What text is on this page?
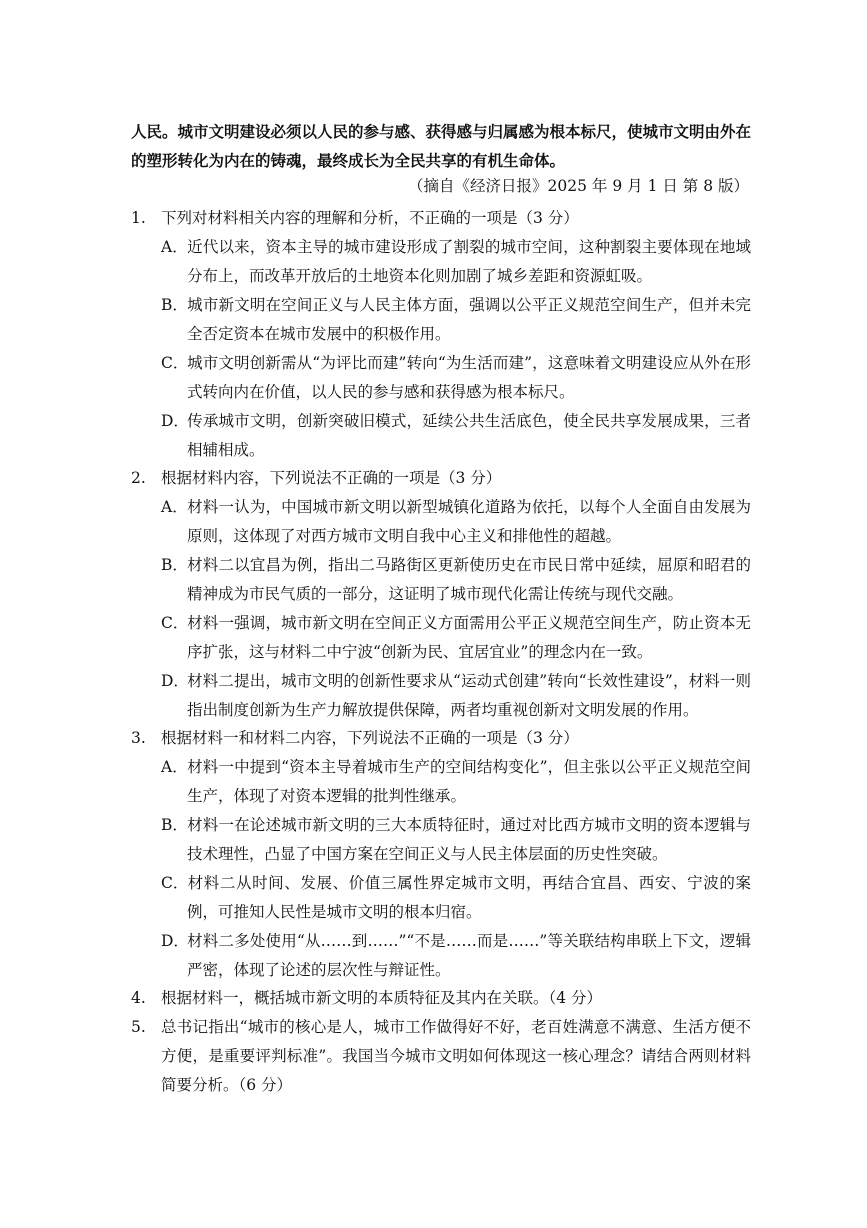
人民。城市文明建设必须以人民的参与感、获得感与归属感为根本标尺，使城市文明由外在的塑形转化为内在的铸魂，最终成长为全民共享的有机生命体。

（摘自《经济日报》2025 年 9 月 1 日 第 8 版）
1. 下列对材料相关内容的理解和分析，不正确的一项是（3 分）
A．近代以来，资本主导的城市建设形成了割裂的城市空间，这种割裂主要体现在地域分布上，而改革开放后的土地资本化则加剧了城乡差距和资源虹吸。
B．城市新文明在空间正义与人民主体方面，强调以公平正义规范空间生产，但并未完全否定资本在城市发展中的积极作用。
C．城市文明创新需从“为评比而建”转向“为生活而建”，这意味着文明建设应从外在形式转向内在价值，以人民的参与感和获得感为根本标尺。
D．传承城市文明，创新突破旧模式，延续公共生活底色，使全民共享发展成果，三者相辅相成。
2. 根据材料内容，下列说法不正确的一项是（3 分）
A．材料一认为，中国城市新文明以新型城镇化道路为依托，以每个人全面自由发展为原则，这体现了对西方城市文明自我中心主义和排他性的超越。
B．材料二以宜昌为例，指出二马路街区更新使历史在市民日常中延续，屈原和昭君的精神成为市民气质的一部分，这证明了城市现代化需让传统与现代交融。
C．材料一强调，城市新文明在空间正义方面需用公平正义规范空间生产，防止资本无序扩张，这与材料二中宁波“创新为民、宜居宜业”的理念内在一致。
D．材料二提出，城市文明的创新性要求从“运动式创建”转向“长效性建设”，材料一则指出制度创新为生产力解放提供保障，两者均重视创新对文明发展的作用。
3. 根据材料一和材料二内容，下列说法不正确的一项是（3 分）
A．材料一中提到“资本主导着城市生产的空间结构变化”，但主张以公平正义规范空间生产，体现了对资本逻辑的批判性继承。
B．材料一在论述城市新文明的三大本质特征时，通过对比西方城市文明的资本逻辑与技术理性，凸显了中国方案在空间正义与人民主体层面的历史性突破。
C．材料二从时间、发展、价值三属性界定城市文明，再结合宜昌、西安、宁波的案例，可推知人民性是城市文明的根本归宿。
D．材料二多处使用“从……到……”“不是……而是……”等关联结构串联上下文，逻辑严密，体现了论述的层次性与辩证性。
4. 根据材料一，概括城市新文明的本质特征及其内在关联。（4 分）
5. 总书记指出“城市的核心是人，城市工作做得好不好，老百姓满意不满意、生活方便不方便，是重要评判标准”。我国当今城市文明如何体现这一核心理念？请结合两则材料简要分析。（6 分）
